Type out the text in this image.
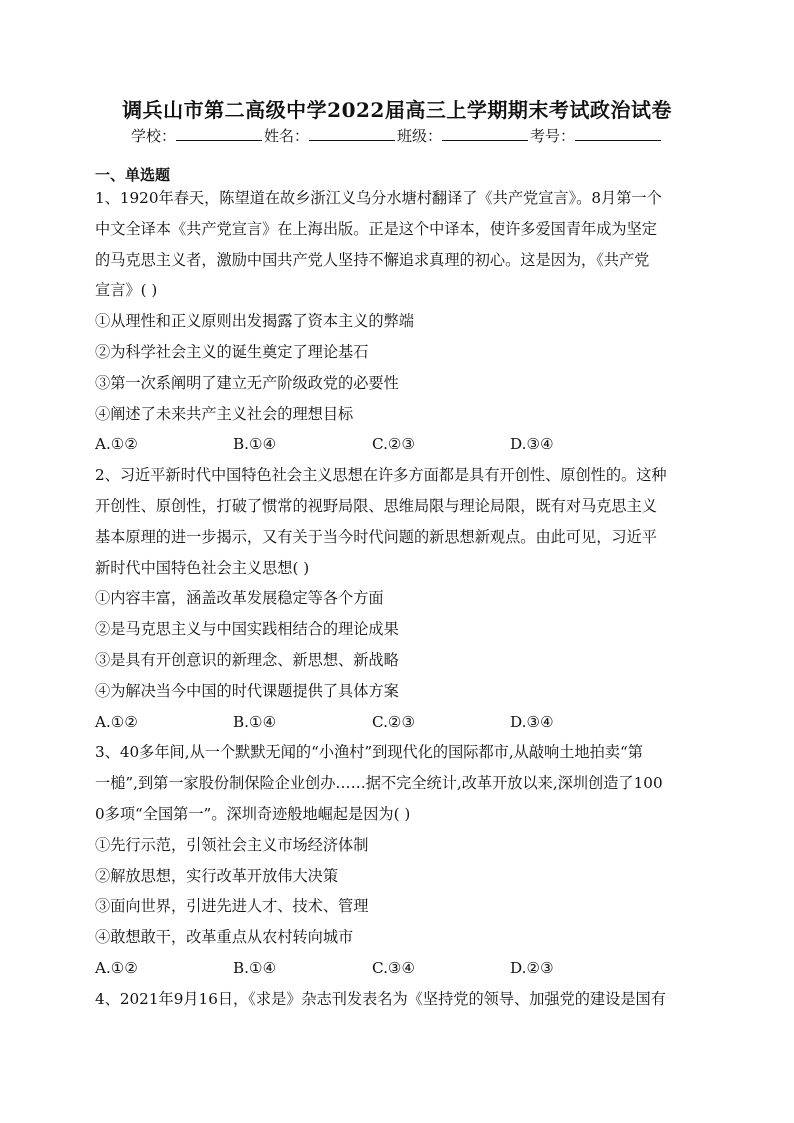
调兵山市第二高级中学2022届高三上学期期末考试政治试卷
学校：	姓名：	班级：	考号：
一、单选题
1、1920年春天，陈望道在故乡浙江义乌分水塘村翻译了《共产党宣言》。8月第一个
中文全译本《共产党宣言》在上海出版。正是这个中译本，使许多爱国青年成为坚定
的马克思主义者，激励中国共产党人坚持不懈追求真理的初心。这是因为，《共产党
宣言》( )
①从理性和正义原则出发揭露了资本主义的弊端
②为科学社会主义的诞生奠定了理论基石
③第一次系阐明了建立无产阶级政党的必要性
④阐述了未来共产主义社会的理想目标
A.①②	B.①④	C.②③	D.③④
2、习近平新时代中国特色社会主义思想在许多方面都是具有开创性、原创性的。这种
开创性、原创性，打破了惯常的视野局限、思维局限与理论局限，既有对马克思主义
基本原理的进一步揭示，又有关于当今时代问题的新思想新观点。由此可见，习近平
新时代中国特色社会主义思想( )
①内容丰富，涵盖改革发展稳定等各个方面
②是马克思主义与中国实践相结合的理论成果
③是具有开创意识的新理念、新思想、新战略
④为解决当今中国的时代课题提供了具体方案
A.①②	B.①④	C.②③	D.③④
3、40多年间,从一个默默无闻的“小渔村”到现代化的国际都市,从敲响土地拍卖“第
一槌”,到第一家股份制保险企业创办……据不完全统计,改革开放以来,深圳创造了100
0多项“全国第一”。深圳奇迹般地崛起是因为( )
①先行示范，引领社会主义市场经济体制
②解放思想，实行改革开放伟大决策
③面向世界，引进先进人才、技术、管理
④敢想敢干，改革重点从农村转向城市
A.①②	B.①④	C.③④	D.②③
4、2021年9月16日，《求是》杂志刊发表名为《坚持党的领导、加强党的建设是国有
